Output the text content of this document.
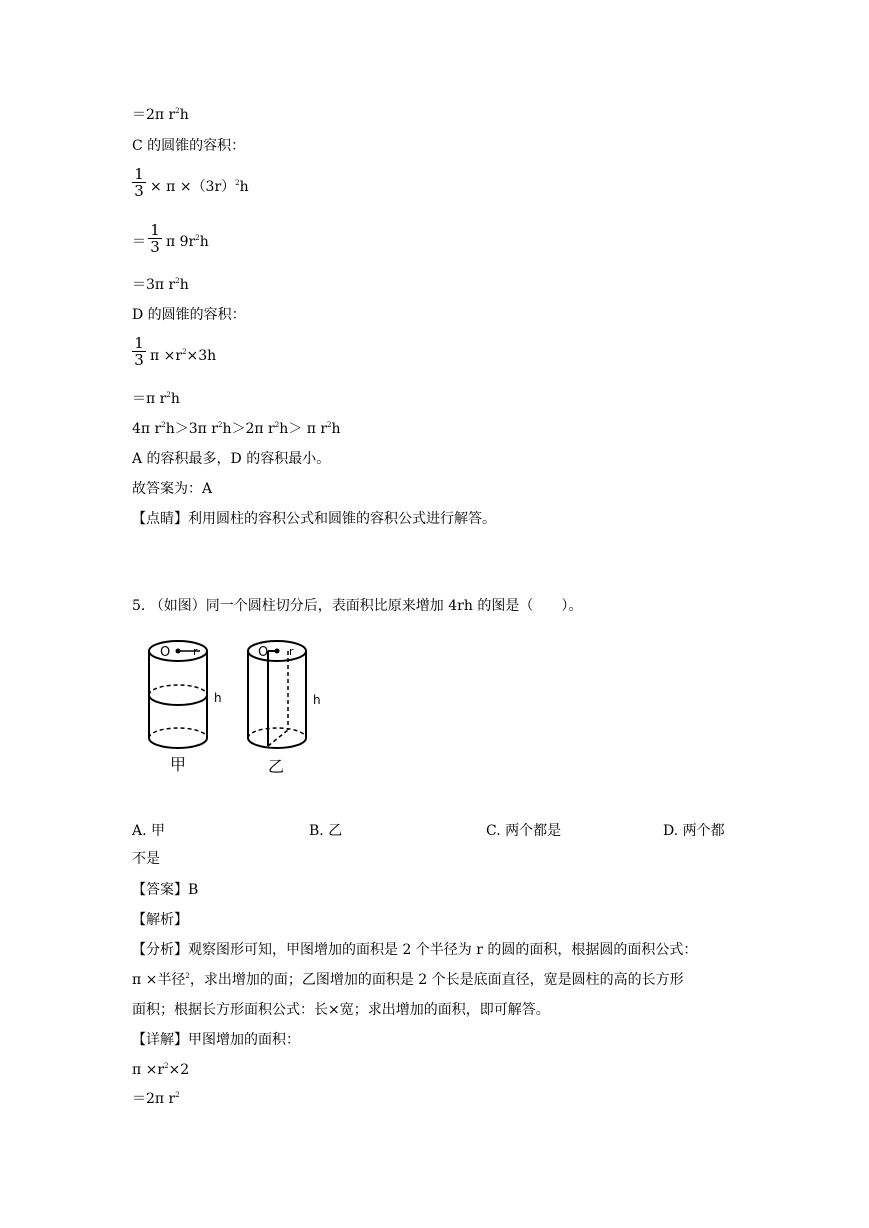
＝2π $r^2h$
C 的圆锥的容积：
1
$3 \times \pi \times(3r)^2h$
＝
1
3 π $9r^2h$
＝3π $r^2h$
D 的圆锥的容积：
1
3 $\pi \times r^2\times 3h$
＝π $r^2h$
4π $r^2h>3\pi$ $r^2h>2\pi$ $r^2h> \pi$ $r^2h$
A 的容积最多，D 的容积最小。
故答案为：A
【点睛】利用圆柱的容积公式和圆锥的容积公式进行解答。
5. （如图）同一个圆柱切分后，表面积比原来增加 4rh 的图是（　　）。
O r
h
甲
O r
h
乙
A. 甲	B. 乙	C. 两个都是	D. 两个都
不是
【答案】B
【解析】
【分析】观察图形可知，甲图增加的面积是 2 个半径为 r 的圆的面积，根据圆的面积公式：
π ×半径$^2$，求出增加的面；乙图增加的面积是 2 个长是底面直径，宽是圆柱的高的长方形
面积；根据长方形面积公式：长×宽；求出增加的面积，即可解答。
【详解】甲图增加的面积：
$\pi \times r^2\times 2$
＝2π $r^2$
